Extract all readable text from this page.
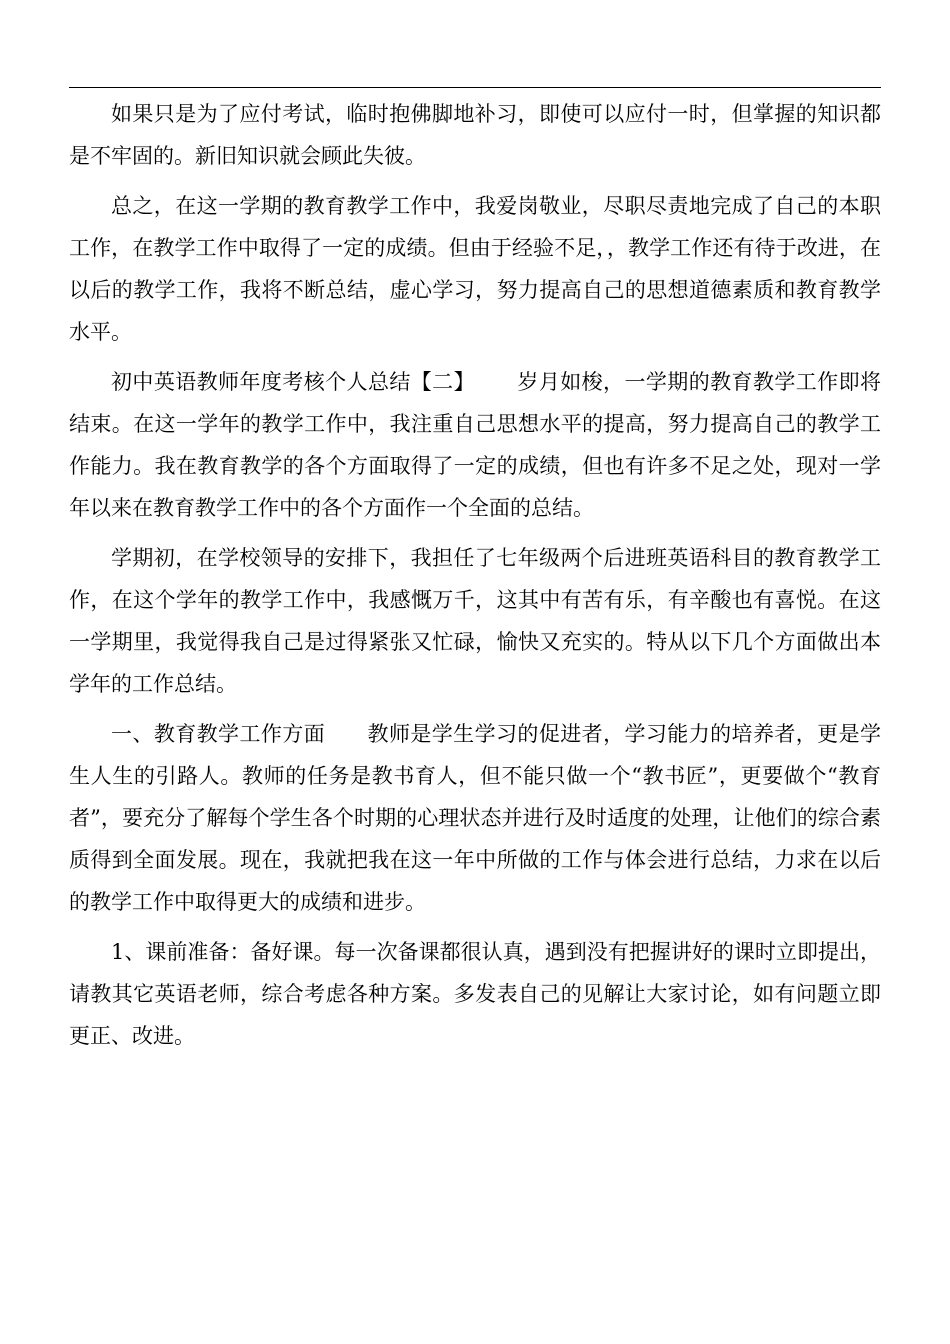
如果只是为了应付考试，临时抱佛脚地补习，即使可以应付一时，但掌握的知识都是不牢固的。新旧知识就会顾此失彼。

总之，在这一学期的教育教学工作中，我爱岗敬业，尽职尽责地完成了自己的本职工作，在教学工作中取得了一定的成绩。但由于经验不足，，教学工作还有待于改进，在以后的教学工作，我将不断总结，虚心学习，努力提高自己的思想道德素质和教育教学水平。

初中英语教师年度考核个人总结【二】 岁月如梭，一学期的教育教学工作即将结束。在这一学年的教学工作中，我注重自己思想水平的提高，努力提高自己的教学工作能力。我在教育教学的各个方面取得了一定的成绩，但也有许多不足之处，现对一学年以来在教育教学工作中的各个方面作一个全面的总结。

学期初，在学校领导的安排下，我担任了七年级两个后进班英语科目的教育教学工作，在这个学年的教学工作中，我感慨万千，这其中有苦有乐，有辛酸也有喜悦。在这一学期里，我觉得我自己是过得紧张又忙碌，愉快又充实的。特从以下几个方面做出本学年的工作总结。

一、教育教学工作方面 教师是学生学习的促进者，学习能力的培养者，更是学生人生的引路人。教师的任务是教书育人，但不能只做一个“教书匠”，更要做个“教育者”，要充分了解每个学生各个时期的心理状态并进行及时适度的处理，让他们的综合素质得到全面发展。现在，我就把我在这一年中所做的工作与体会进行总结，力求在以后的教学工作中取得更大的成绩和进步。

1、课前准备：备好课。每一次备课都很认真，遇到没有把握讲好的课时立即提出，请教其它英语老师，综合考虑各种方案。多发表自己的见解让大家讨论，如有问题立即更正、改进。
